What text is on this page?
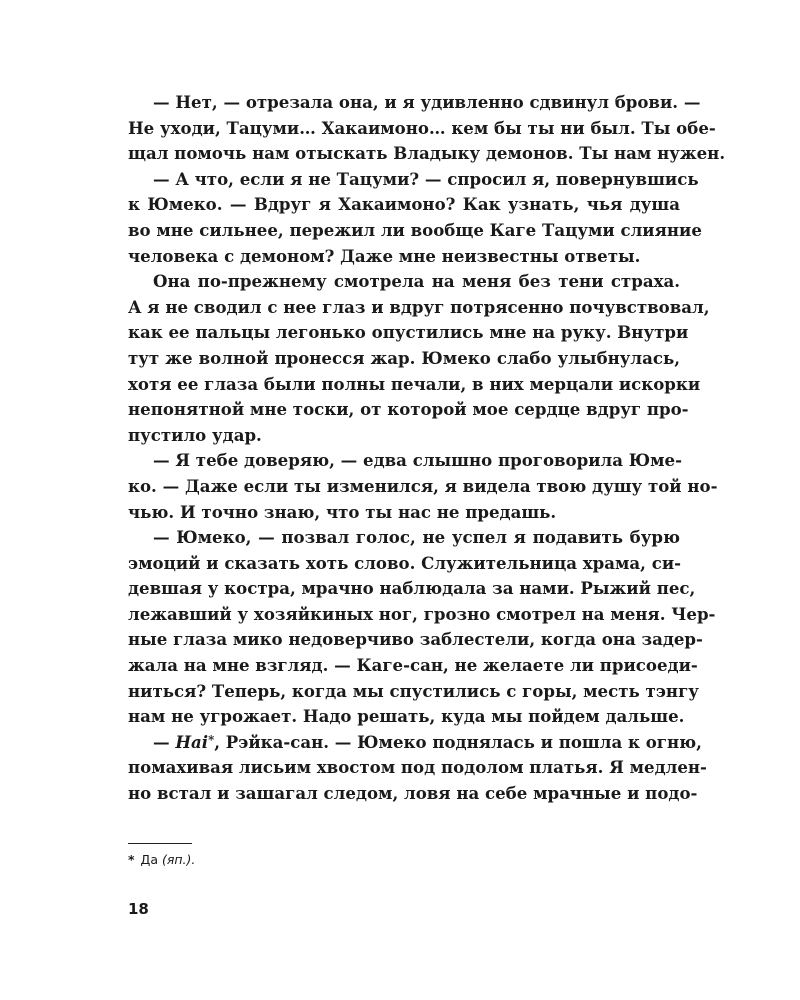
— Нет, — отрезала она, и я удивленно сдвинул брови. —
Не уходи, Тацуми… Хакаимоно… кем бы ты ни был. Ты обе-
щал помочь нам отыскать Владыку демонов. Ты нам нужен.
— А что, если я не Тацуми? — спросил я, повернувшись
к Юмеко. — Вдруг я Хакаимоно? Как узнать, чья душа
во мне сильнее, пережил ли вообще Каге Тацуми слияние
человека с демоном? Даже мне неизвестны ответы.
Она по-прежнему смотрела на меня без тени страха.
А я не сводил с нее глаз и вдруг потрясенно почувствовал,
как ее пальцы легонько опустились мне на руку. Внутри
тут же волной пронесся жар. Юмеко слабо улыбнулась,
хотя ее глаза были полны печали, в них мерцали искорки
непонятной мне тоски, от которой мое сердце вдруг про-
пустило удар.
— Я тебе доверяю, — едва слышно проговорила Юме-
ко. — Даже если ты изменился, я видела твою душу той но-
чью. И точно знаю, что ты нас не предашь.
— Юмеко, — позвал голос, не успел я подавить бурю
эмоций и сказать хоть слово. Служительница храма, си-
девшая у костра, мрачно наблюдала за нами. Рыжий пес,
лежавший у хозяйкиных ног, грозно смотрел на меня. Чер-
ные глаза мико недоверчиво заблестели, когда она задер-
жала на мне взгляд. — Каге-сан, не желаете ли присоеди-
ниться? Теперь, когда мы спустились с горы, месть тэнгу
нам не угрожает. Надо решать, куда мы пойдем дальше.
— Hai*, Рэйка-сан. — Юмеко поднялась и пошла к огню,
помахивая лисьим хвостом под подолом платья. Я медлен-
но встал и зашагал следом, ловя на себе мрачные и подо-
* Да (яп.).
18
